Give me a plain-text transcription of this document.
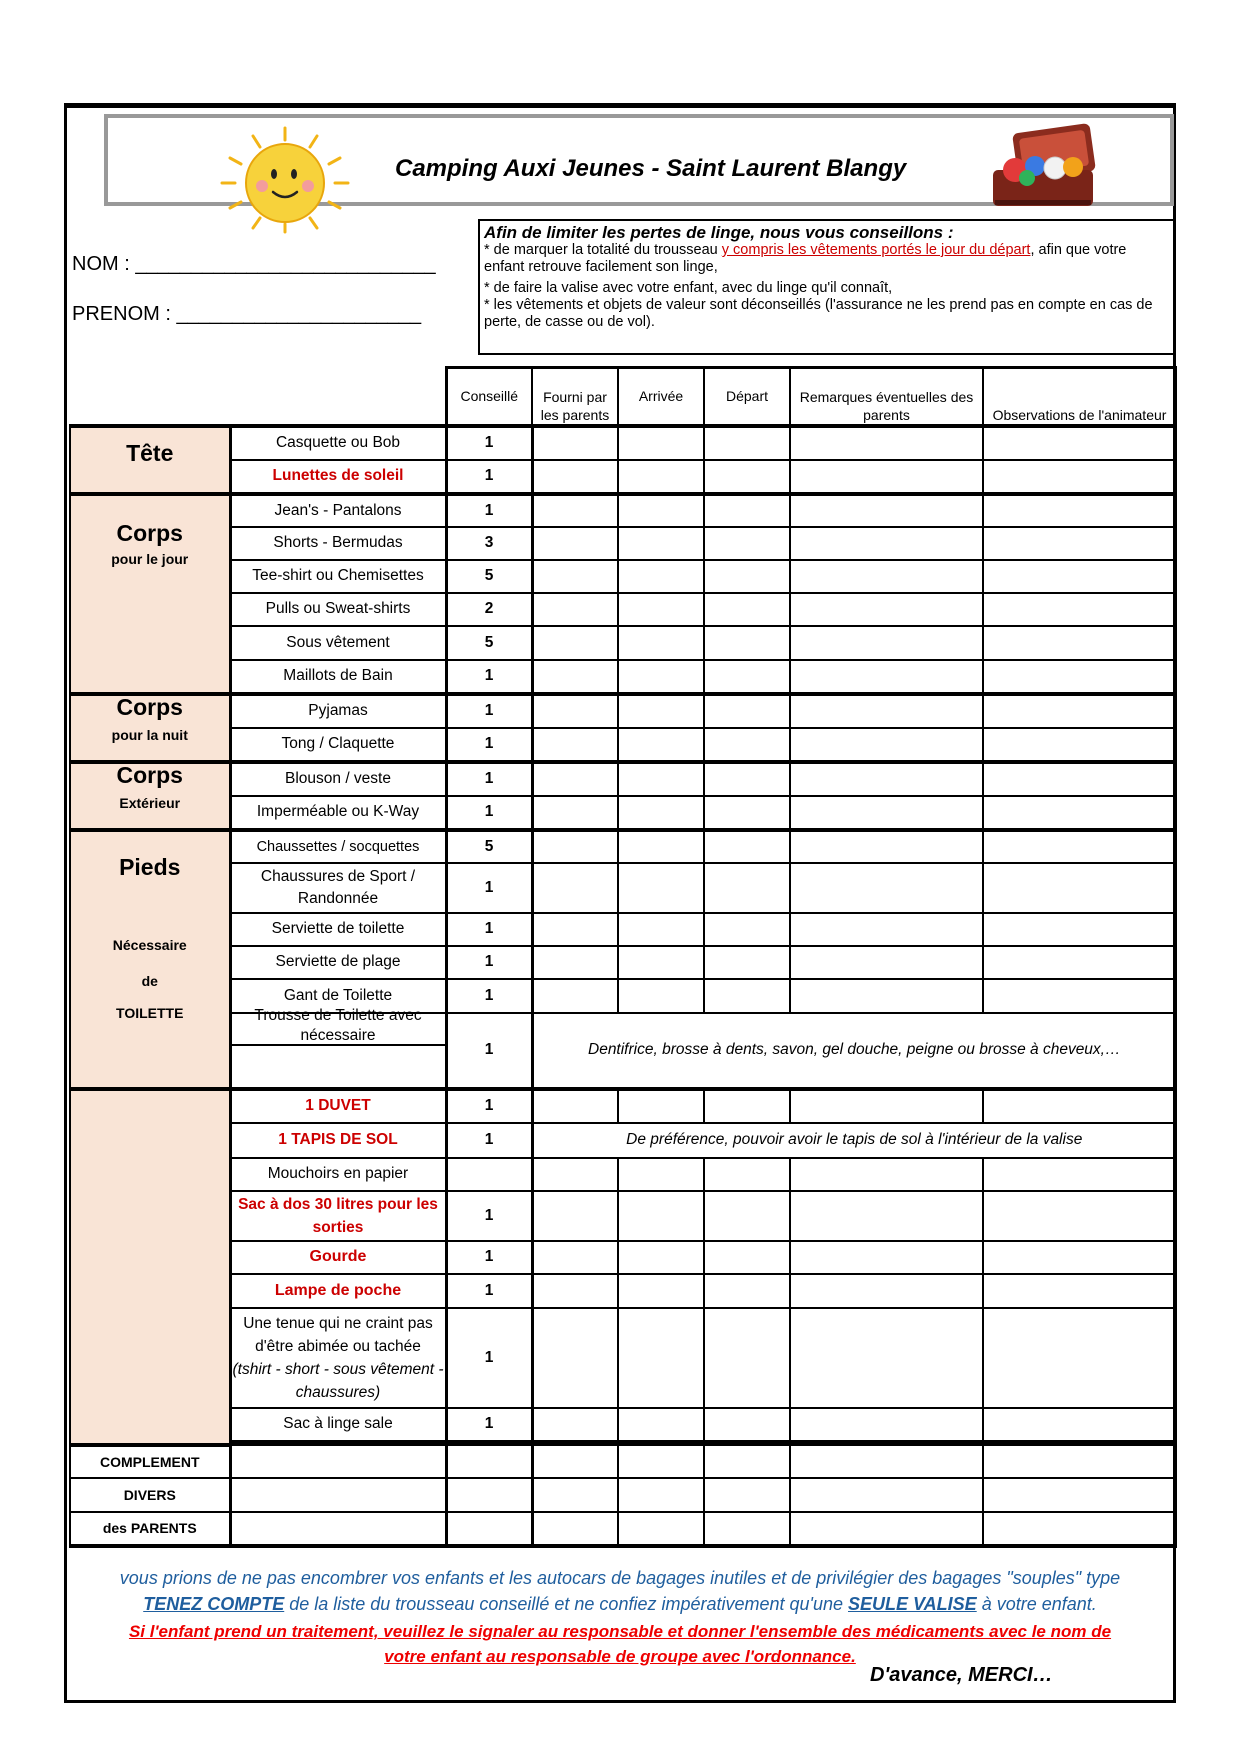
Camping Auxi Jeunes - Saint Laurent Blangy
NOM : ___________________________
PRENOM : ______________________
Afin de limiter les pertes de linge, nous vous conseillons :
* de marquer la totalité du trousseau y compris les vêtements portés le jour du départ, afin que votre enfant retrouve facilement son linge,
* de faire la valise avec votre enfant, avec du linge qu'il connaît,
* les vêtements et objets de valeur sont déconseillés (l'assurance ne les prend pas en compte en cas de perte, de casse ou de vol).
		Conseillé	Fourni par les parents	Arrivée	Départ	Remarques éventuelles des parents	Observations de l'animateur

Tête	Casquette ou Bob	1					
	Lunettes de soleil	1					

Corps
pour le jour	Jean's - Pantalons	1					
	Shorts - Bermudas	3					
	Tee-shirt ou Chemisettes	5					
	Pulls ou Sweat-shirts	2					
	Sous vêtement	5					
	Maillots de Bain	1					

Corps
pour la nuit	Pyjamas	1					
	Tong / Claquette	1					

Corps
Extérieur	Blouson / veste	1					
	Imperméable ou K-Way	1					

Pieds
Nécessaire
de
TOILETTE	Chaussettes / socquettes	5					
	Chaussures de Sport / Randonnée	1					
	Serviette de toilette	1					
	Serviette de plage	1					
	Gant de Toilette	1					

	Trousse de Toilette avec nécessaire	1	Dentifrice, brosse à dents, savon, gel douche, peigne ou brosse à cheveux,…				

	1 DUVET	1					
	1 TAPIS DE SOL	1	De préférence, pouvoir avoir le tapis de sol à l'intérieur de la valise				
	Mouchoirs en papier						
	Sac à dos 30 litres pour les sorties	1					
	Gourde	1					
	Lampe de poche	1					

	Une tenue qui ne craint pas d'être abimée ou tachée
(tshirt - short - sous vêtement - chaussures)	1					
	Sac à linge sale	1					

COMPLEMENT							
DIVERS							
des PARENTS							
vous prions de ne pas encombrer vos enfants et les autocars de bagages inutiles et de privilégier des bagages "souples" type
TENEZ COMPTE de la liste du trousseau conseillé et ne confiez impérativement qu'une SEULE VALISE à votre enfant.
Si l'enfant prend un traitement, veuillez le signaler au responsable et donner l'ensemble des médicaments avec le nom de
votre enfant au responsable de groupe avec l'ordonnance.
D'avance, MERCI…
